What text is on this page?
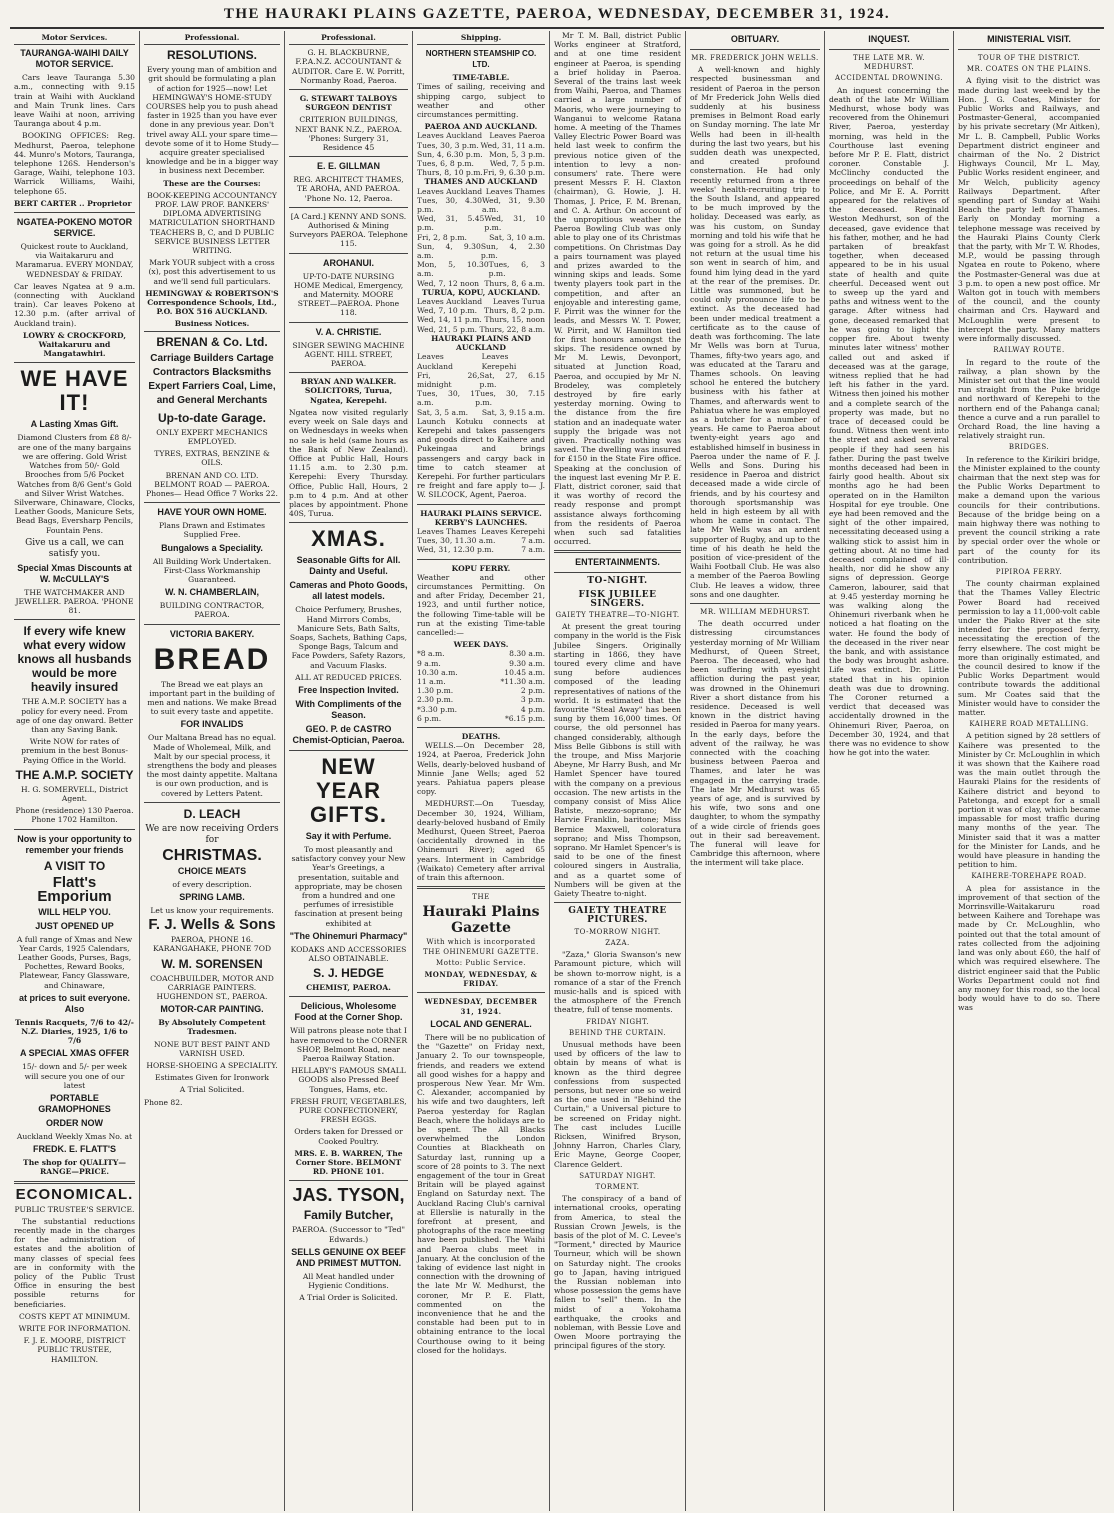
THE HAURAKI PLAINS GAZETTE, PAEROA, WEDNESDAY, DECEMBER 31, 1924.
Motor Services.
TAURANGA-WAIHI DAILY MOTOR SERVICE.

Cars leave Tauranga 5.30 a.m., connecting with 9.15 train at Waihi with Auckland and Main Trunk lines. Cars leave Waihi at noon, arriving Tauranga about 4 p.m.

BOOKING OFFICES: Reg. Medhurst, Paeroa, telephone 44. Munro's Motors, Tauranga, telephone 126S. Henderson's Garage, Waihi, telephone 103. Warrick Williams, Waihi, telephone 65.

BERT CARTER .. Proprietor

NGATEA-POKENO MOTOR SERVICE.

Quickest route to Auckland, via Waitakaruru and Maramarua. EVERY MONDAY, WEDNESDAY & FRIDAY.

Car leaves Ngatea at 9 a.m. (connecting with Auckland train). Car leaves Pokeno at 12.30 p.m. (after arrival of Auckland train).

LOWRY & CROCKFORD, Waitakaruru and Mangatawhiri.

WE HAVE IT!
A Lasting Xmas Gift.

Diamond Clusters from £8 8/- are one of the many bargains we are offering. Gold Wrist Watches from 50/- Gold Brooches from 5/6 Pocket Watches from 8/6 Gent's Gold and Silver Wrist Watches. Silverware, Chinaware, Clocks, Leather Goods, Manicure Sets, Bead Bags, Eversharp Pencils, Fountain Pens.

Give us a call, we can satisfy you.

Special Xmas Discounts at W. McCULLAY'S

THE WATCHMAKER AND JEWELLER. PAEROA. 'PHONE 81.

If every wife knew what every widow knows all husbands would be more heavily insured

THE A.M.P. SOCIETY has a policy for every need. From age of one day onward. Better than any Saving Bank.

Write NOW for rates of premium in the best Bonus-Paying Office in the World.

THE A.M.P. SOCIETY

H. G. SOMERVELL, District Agent.

Phone (residence) 130 Paeroa. Phone 1702 Hamilton.

Now is your opportunity to remember your friends
A VISIT TO
Flatt's Emporium
WILL HELP YOU.
JUST OPENED UP

A full range of Xmas and New Year Cards, 1925 Calendars, Leather Goods, Purses, Bags, Pochettes, Reward Books, Platewear, Fancy Glassware, and Chinaware,

at prices to suit everyone. Also

Tennis Racquets, 7/6 to 42/- N.Z. Diaries, 1925, 1/6 to 7/6

A SPECIAL XMAS OFFER

15/- down and 5/- per week will secure you one of our latest

PORTABLE GRAMOPHONES
ORDER NOW

Auckland Weekly Xmas No. at

FREDK. E. FLATT'S

The shop for QUALITY—RANGE—PRICE.

ECONOMICAL.

PUBLIC TRUSTEE'S SERVICE.

The substantial reductions recently made in the charges for the administration of estates and the abolition of many classes of special fees are in conformity with the policy of the Public Trust Office in ensuring the best possible returns for beneficiaries.

COSTS KEPT AT MINIMUM.

WRITE FOR INFORMATION.

F. J. E. MOORE, DISTRICT PUBLIC TRUSTEE, HAMILTON.

Professional.
RESOLUTIONS.

Every young man of ambition and grit should be formulating a plan of action for 1925—now! Let HEMINGWAY'S HOME-STUDY COURSES help you to push ahead faster in 1925 than you have ever done in any previous year. Don't trivel away ALL your spare time—devote some of it to Home Study—acquire greater specialised knowledge and be in a bigger way in business next December.

These are the Courses:

BOOK-KEEPING ACCOUNTANCY PROF. LAW PROF. BANKERS' DIPLOMA ADVERTISING MATRICULATION SHORTHAND TEACHERS B, C, and D PUBLIC SERVICE BUSINESS LETTER WRITING.

Mark YOUR subject with a cross (x), post this advertisement to us and we'll send full particulars.

HEMINGWAY & ROBERTSON'S Correspondence Schools, Ltd., P.O. BOX 516 AUCKLAND.

Business Notices.
BRENAN & Co. Ltd.
Carriage Builders Cartage Contractors Blacksmiths Expert Farriers Coal, Lime, and General Merchants
Up-to-date Garage.

ONLY EXPERT MECHANICS EMPLOYED.

TYRES, EXTRAS, BENZINE & OILS.

BRENAN AND CO. LTD. BELMONT ROAD — PAEROA. Phones— Head Office 7 Works 22.

HAVE YOUR OWN HOME.

Plans Drawn and Estimates Supplied Free.

Bungalows a Speciality.

All Building Work Undertaken. First-Class Workmanship Guaranteed.

W. N. CHAMBERLAIN,

BUILDING CONTRACTOR, PAEROA.

VICTORIA BAKERY.
BREAD

The Bread we eat plays an important part in the building of men and nations. We make Bread to suit every taste and appetite.

FOR INVALIDS

Our Maltana Bread has no equal. Made of Wholemeal, Milk, and Malt by our special process, it strengthens the body and pleases the most dainty appetite. Maltana is our own production, and is covered by Letters Patent.

D. LEACH

We are now receiving Orders for

CHRISTMAS.
CHOICE MEATS

of every description.

SPRING LAMB.

Let us know your requirements.

F. J. Wells & Sons

PAEROA, PHONE 16. KARANGAHAKE, PHONE 7OD

W. M. SORENSEN

COACHBUILDER, MOTOR AND CARRIAGE PAINTERS. HUGHENDON ST., PAEROA.

MOTOR-CAR PAINTING.

By Absolutely Competent Tradesmen.

NONE BUT BEST PAINT AND VARNISH USED.

HORSE-SHOEING A SPECIALITY.

Estimates Given for Ironwork

A Trial Solicited.

Phone 82.

Professional.

G. H. BLACKBURNE, F.P.A.N.Z. ACCOUNTANT & AUDITOR. Care E. W. Porritt, Normanby Road, Paeroa.

G. STEWART TALBOYS SURGEON DENTIST

CRITERION BUILDINGS, NEXT BANK N.Z., PAEROA. 'Phones: Surgery 31, Residence 45

E. E. GILLMAN

REG. ARCHITECT THAMES, TE AROHA, AND PAEROA. 'Phone No. 12, Paeroa.

[A Card.] KENNY AND SONS. Authorised & Mining Surveyors PAEROA. Telephone 115.

AROHANUI.

UP-TO-DATE NURSING HOME Medical, Emergency, and Maternity. MOORE STREET—PAEROA. Phone 118.

V. A. CHRISTIE.

SINGER SEWING MACHINE AGENT. HILL STREET, PAEROA.

BRYAN AND WALKER. SOLICITORS, Turua, Ngatea, Kerepehi.

Ngatea now visited regularly every week on Sale days and on Wednesdays in weeks when no sale is held (same hours as the Bank of New Zealand). Office at Public Hall, Hours 11.15 a.m. to 2.30 p.m. Kerepehi: Every Thursday. Office, Public Hall, Hours, 2 p.m to 4 p.m. And at other places by appointment. Phone 40S, Turua.

XMAS.
Seasonable Gifts for All. Dainty and Useful.
Cameras and Photo Goods, all latest models.

Choice Perfumery, Brushes, Hand Mirrors Combs, Manicure Sets, Bath Salts, Soaps, Sachets, Bathing Caps, Sponge Bags, Talcum and Face Powders, Safety Razors, and Vacuum Flasks.

ALL AT REDUCED PRICES.

Free Inspection Invited.
With Compliments of the Season.
GEO. P. de CASTRO Chemist-Optician, Paeroa.
NEW YEAR GIFTS.
Say it with Perfume.

To most pleasantly and satisfactory convey your New Year's Greetings, a presentation, suitable and appropriate, may be chosen from a hundred and one perfumes of irresistible fascination at present being exhibited at

"The Ohinemuri Pharmacy"

KODAKS AND ACCESSORIES ALSO OBTAINABLE.

S. J. HEDGE

CHEMIST, PAEROA.

Delicious, Wholesome Food at the Corner Shop.

Will patrons please note that I have removed to the CORNER SHOP, Belmont Road, near Paeroa Railway Station.

HELLABY'S FAMOUS SMALL GOODS also Pressed Beef Tongues, Hams, etc.

FRESH FRUIT, VEGETABLES, PURE CONFECTIONERY, FRESH EGGS.

Orders taken for Dressed or Cooked Poultry.

MRS. E. B. WARREN, The Corner Store. BELMONT RD. PHONE 101.

JAS. TYSON,
Family Butcher,

PAEROA. (Successor to "Ted" Edwards.)

SELLS GENUINE OX BEEF AND PRIMEST MUTTON.

All Meat handled under Hygienic Conditions.

A Trial Order is Solicited.

Shipping.
NORTHERN STEAMSHIP CO. LTD.
TIME-TABLE.

Times of sailing, receiving and shipping cargo, subject to weather and other circumstances permitting.

PAEROA AND AUCKLAND.
Leaves Auckland Leaves Paeroa
Tues, 30, 3 p.m. Wed, 31, 11 a.m.
Sun, 4, 6.30 p.m. Mon, 5, 3 p.m.
Tues, 6, 8 p.m. Wed, 7, 5 p.m.
Thurs, 8, 10 p.m. Fri, 9, 6.30 p.m.
THAMES AND AUCKLAND
Leaves Auckland Leaves Thames
Tues, 30, 4.30 p.m.
Wed, 31, 9.30 a.m.
Wed, 31, 5.45 p.m.
Wed, 31, 10 p.m.
Fri, 2, 8 p.m.	Sat, 3, 10 a.m.
Sun, 4, 9.30 a.m.
Sun, 4, 2.30 p.m.
Mon, 5, 10.30 a.m.
Tues, 6, 3 p.m.
Wed, 7, 12 noon Thurs, 8, 6 a.m.
TURUA, KOPU, AUCKLAND.
Leaves Auckland Leaves Turua
Wed, 7, 10 p.m. Thurs, 8, 2 p.m.
Wed, 14, 11 p.m. Thurs, 15, noon
Wed, 21, 5 p.m. Thurs, 22, 8 a.m.
HAURAKI PLAINS AND AUCKLAND
Leaves Auckland
Leaves Kerepehi
Fri, 26, midnight
Sat, 27, 6.15 p.m.
Tues, 30, 1 a.m.
Tues, 30, 7.15 p.m.
Sat, 3, 5 a.m. Sat, 3, 9.15 a.m.

Launch Kotuku connects at Kerepehi and takes passengers and goods direct to Kaihere and Pukeingaa and brings passengers and cargy back in time to catch steamer at Kerepehi. For further particulars re freight and fare apply to— J. W. SILCOCK, Agent, Paeroa.

HAURAKI PLAINS SERVICE.
KERBY'S LAUNCHES.
Leaves Thames Leaves Kerepehi
Tues, 30, 11.30 a.m.	7 a.m.
Wed, 31, 12.30 p.m.	7 a.m.
KOPU FERRY.

Weather and other circumstances Permitting. On and after Friday, December 21, 1923, and until further notice, the following Time-table will be run at the existing Time-table cancelled:—

WEEK DAYS.
*8 a.m.	8.30 a.m.
9 a.m.	9.30 a.m.
10.30 a.m.	10.45 a.m.
11 a.m.	*11.30 a.m.
1.30 p.m.	2 p.m.
2.30 p.m.	3 p.m.
*3.30 p.m.	4 p.m.
6 p.m.	*6.15 p.m.
DEATHS.

WELLS.—On December 28, 1924, at Paeroa, Frederick John Wells, dearly-beloved husband of Minnie Jane Wells; aged 52 years. Pahiatua papers please copy.

MEDHURST.—On Tuesday, December 30, 1924, William, dearly-beloved husband of Emily Medhurst, Queen Street, Paeroa (accidentally drowned in the Ohinemuri River); aged 65 years. Interment in Cambridge (Waikato) Cemetery after arrival of train this afternoon.

THE
Hauraki Plains Gazette
With which is incorporated THE OHINEMURI GAZETTE.
Motto: Public Service.
MONDAY, WEDNESDAY, & FRIDAY.
WEDNESDAY, DECEMBER 31, 1924.
LOCAL AND GENERAL.

There will be no publication of the "Gazette" on Friday next, January 2. To our townspeople, friends, and readers we extend all good wishes for a happy and prosperous New Year. Mr Wm. C. Alexander, accompanied by his wife and two daughters, left Paeroa yesterday for Raglan Beach, where the holidays are to be spent. The All Blacks overwhelmed the London Counties at Blackheath on Saturday last, running up a score of 28 points to 3. The next engagement of the tour in Great Britain will be played against England on Saturday next. The Auckland Racing Club's carnival at Ellerslie is naturally in the forefront at present, and photographs of the race meeting have been published. The Waihi and Paeroa clubs meet in January. At the conclusion of the taking of evidence last night in connection with the drowning of the late Mr W. Medhurst, the coroner, Mr P. E. Flatt, commented on the inconvenience that he and the constable had been put to in obtaining entrance to the local Courthouse owing to it being closed for the holidays.

Mr T. M. Ball, district Public Works engineer at Stratford, and at one time resident engineer at Paeroa, is spending a brief holiday in Paeroa. Several of the trains last week from Waihi, Paeroa, and Thames carried a large number of Maoris, who were journeying to Wanganui to welcome Ratana home. A meeting of the Thames Valley Electric Power Board was held last week to confirm the previous notice given of the intention to levy a non-consumers' rate. There were present Messrs F. H. Claxton (chairman), G. Howie, J. H. Thomas, J. Price, F. M. Brenan, and C. A. Arthur. On account of the unpropitious weather the Paeroa Bowling Club was only able to play one of its Christmas competitions. On Christmas Day a pairs tournament was played and prizes awarded to the winning skips and leads. Some twenty players took part in the competition, and after an enjoyable and interesting game, F. Pirrit was the winner for the leads, and Messrs W. T. Power, W. Pirrit, and W. Hamilton tied for first honours amongst the skips. The residence owned by Mr M. Lewis, Devonport, situated at Junction Road, Paeroa, and occupied by Mr N. Brodeley, was completely destroyed by fire early yesterday morning. Owing to the distance from the fire station and an inadequate water supply the brigade was not given. Practically nothing was saved. The dwelling was insured for £150 in the State Fire office. Speaking at the conclusion of the inquest last evening Mr P. E. Flatt, district coroner, said that it was worthy of record the ready response and prompt assistance always forthcoming from the residents of Paeroa when such sad fatalities occurred.

ENTERTAINMENTS.
TO-NIGHT.
FISK JUBILEE SINGERS.
GAIETY THEATRE—TO-NIGHT.

At present the great touring company in the world is the Fisk Jubilee Singers. Originally starting in 1866, they have toured every clime and have sung before audiences composed of the leading representatives of nations of the world. It is estimated that the favourite "Steal Away" has been sung by them 16,000 times. Of course, the old personnel has changed considerably, although Miss Belle Gibbons is still with the troupe, and Miss Marjorie Abeyne, Mr Harry Bush, and Mr Hamlet Spencer have toured with the company on a previous occasion. The new artists in the company consist of Miss Alice Batiste, mezzo-soprano; Mr Harvie Franklin, baritone; Miss Bernice Maxwell, coloratura soprano; and Miss Thompson, soprano. Mr Hamlet Spencer's is said to be one of the finest coloured singers in Australia, and as a quartet some of Numbers will be given at the Gaiety Theatre to-night.

GAIETY THEATRE PICTURES.
TO-MORROW NIGHT.
ZAZA.

"Zaza," Gloria Swanson's new Paramount picture, which will be shown to-morrow night, is a romance of a star of the French music-halls and is spiced with the atmosphere of the French theatre, full of tense moments.

FRIDAY NIGHT.
BEHIND THE CURTAIN.

Unusual methods have been used by officers of the law to obtain by means of what is known as the third degree confessions from suspected persons, but never one so weird as the one used in "Behind the Curtain," a Universal picture to be screened on Friday night. The cast includes Lucille Ricksen, Winifred Bryson, Johnny Harron, Charles Clary, Eric Mayne, George Cooper, Clarence Geldert.

SATURDAY NIGHT.
TORMENT.

The conspiracy of a band of international crooks, operating from America, to steal the Russian Crown Jewels, is the basis of the plot of M. C. Levee's "Torment," directed by Maurice Tourneur, which will be shown on Saturday night. The crooks go to Japan, having intrigued the Russian nobleman into whose possession the gems have fallen to "sell" them. In the midst of a Yokohama earthquake, the crooks and nobleman, with Bessie Love and Owen Moore portraying the principal figures of the story.

OBITUARY.
MR. FREDERICK JOHN WELLS.

A well-known and highly respected businessman and resident of Paeroa in the person of Mr Frederick John Wells died suddenly at his business premises in Belmont Road early on Sunday morning. The late Mr Wells had been in ill-health during the last two years, but his sudden death was unexpected, and created profound consternation. He had only recently returned from a three weeks' health-recruiting trip to the South Island, and appeared to be much improved by the holiday. Deceased was early, as was his custom, on Sunday morning and told his wife that he was going for a stroll. As he did not return at the usual time his son went in search of him, and found him lying dead in the yard at the rear of the premises. Dr. Little was summoned, but he could only pronounce life to be extinct. As the deceased had been under medical treatment a certificate as to the cause of death was forthcoming. The late Mr Wells was born at Turua, Thames, fifty-two years ago, and was educated at the Tararu and Thames schools. On leaving school he entered the butchery business with his father at Thames, and afterwards went to Pahiatua where he was employed as a butcher for a number of years. He came to Paeroa about twenty-eight years ago and established himself in business in Paeroa under the name of F. J. Wells and Sons. During his residence in Paeroa and district deceased made a wide circle of friends, and by his courtesy and thorough sportsmanship was held in high esteem by all with whom he came in contact. The late Mr Wells was an ardent supporter of Rugby, and up to the time of his death he held the position of vice-president of the Waihi Football Club. He was also a member of the Paeroa Bowling Club. He leaves a widow, three sons and one daughter.

MR. WILLIAM MEDHURST.

The death occurred under distressing circumstances yesterday morning of Mr William Medhurst, of Queen Street, Paeroa. The deceased, who had been suffering with eyesight affliction during the past year, was drowned in the Ohinemuri River a short distance from his residence. Deceased is well known in the district having resided in Paeroa for many years. In the early days, before the advent of the railway, he was connected with the coaching business between Paeroa and Thames, and later he was engaged in the carrying trade. The late Mr Medhurst was 65 years of age, and is survived by his wife, two sons and one daughter, to whom the sympathy of a wide circle of friends goes out in their sad bereavement. The funeral will leave for Cambridge this afternoon, where the interment will take place.

INQUEST.
THE LATE MR. W. MEDHURST.
ACCIDENTAL DROWNING.

An inquest concerning the death of the late Mr William Medhurst, whose body was recovered from the Ohinemuri River, Paeroa, yesterday morning, was held in the Courthouse last evening before Mr P. E. Flatt, district coroner. Constable J. McClinchy conducted the proceedings on behalf of the Police, and Mr E. A. Porritt appeared for the relatives of the deceased. Reginald Weston Medhurst, son of the deceased, gave evidence that his father, mother, and he had partaken of breakfast together, when deceased appeared to be in his usual state of health and quite cheerful. Deceased went out to sweep up the yard and paths and witness went to the garage. After witness had gone, deceased remarked that he was going to light the copper fire. About twenty minutes later witness' mother called out and asked if deceased was at the garage, witness replied that he had left his father in the yard. Witness then joined his mother and a complete search of the property was made, but no trace of deceased could be found. Witness then went into the street and asked several people if they had seen his father. During the past twelve months deceased had been in fairly good health. About six months ago he had been operated on in the Hamilton Hospital for eye trouble. One eye had been removed and the sight of the other impaired, necessitating deceased using a walking stick to assist him in getting about. At no time had deceased complained of ill-health, nor did he show any signs of depression. George Cameron, labourer, said that at 9.45 yesterday morning he was walking along the Ohinemuri riverbank when he noticed a hat floating on the water. He found the body of the deceased in the river near the bank, and with assistance the body was brought ashore. Life was extinct. Dr. Little stated that in his opinion death was due to drowning. The Coroner returned a verdict that deceased was accidentally drowned in the Ohinemuri River, Paeroa, on December 30, 1924, and that there was no evidence to show how he got into the water.

MINISTERIAL VISIT.
TOUR OF THE DISTRICT.
MR. COATES ON THE PLAINS.

A flying visit to the district was made during last week-end by the Hon. J. G. Coates, Minister for Public Works and Railways, and Postmaster-General, accompanied by his private secretary (Mr Aitken), Mr L. B. Campbell, Public Works Department district engineer and chairman of the No. 2 District Highways Council, Mr L. May, Public Works resident engineer, and Mr Welch, publicity agency Railways Department. After spending part of Sunday at Waihi Beach the party left for Thames. Early on Monday morning a telephone message was received by the Hauraki Plains County Clerk that the party, with Mr T. W. Rhodes, M.P., would be passing through Ngatea en route to Pokeno, where the Postmaster-General was due at 3 p.m. to open a new post office. Mr Walton got in touch with members of the council, and the county chairman and Crs. Hayward and McLoughlin were present to intercept the party. Many matters were informally discussed.

RAILWAY ROUTE.

In regard to the route of the railway, a plan shown by the Minister set out that the line would run straight from the Puke bridge and northward of Kerepehi to the northern end of the Pahanga canal; thence a curve and a run parallel to Orchard Road, the line having a relatively straight run.

BRIDGES.

In reference to the Kirikiri bridge, the Minister explained to the county chairman that the next step was for the Public Works Department to make a demand upon the various councils for their contributions. Because of the bridge being on a main highway there was nothing to prevent the council striking a rate by special order over the whole or part of the county for its contribution.

PIPIROA FERRY.

The county chairman explained that the Thames Valley Electric Power Board had received permission to lay a 11,000-volt cable under the Piako River at the site intended for the proposed ferry, necessitating the erection of the ferry elsewhere. The cost might be more than originally estimated, and the council desired to know if the Public Works Department would contribute towards the additional sum. Mr Coates said that the Minister would have to consider the matter.

KAIHERE ROAD METALLING.

A petition signed by 28 settlers of Kaihere was presented to the Minister by Cr. McLoughlin in which it was shown that the Kaihere road was the main outlet through the Hauraki Plains for the residents of Kaihere district and beyond to Patetonga, and except for a small portion it was of clay, which became impassable for most traffic during many months of the year. The Minister said that it was a matter for the Minister for Lands, and he would have pleasure in handing the petition to him.

KAIHERE-TOREHAPE ROAD.

A plea for assistance in the improvement of that section of the Morrinsville-Waitakaruru road between Kaihere and Torehape was made by Cr. McLoughlin, who pointed out that the total amount of rates collected from the adjoining land was only about £60, the half of which was required elsewhere. The district engineer said that the Public Works Department could not find any money for this road, so the local body would have to do so. There was
